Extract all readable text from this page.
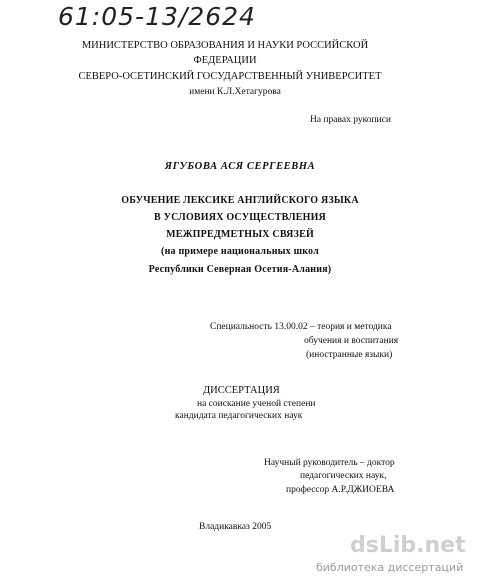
61:05-13/2624
МИНИСТЕРСТВО ОБРАЗОВАНИЯ И НАУКИ РОССИЙСКОЙ
ФЕДЕРАЦИИ
СЕВЕРО-ОСЕТИНСКИЙ ГОСУДАРСТВЕННЫЙ УНИВЕРСИТЕТ
имени К.Л.Хетагурова
На правах рукописи
ЯГУБОВА АСЯ СЕРГЕЕВНА
ОБУЧЕНИЕ ЛЕКСИКЕ АНГЛИЙСКОГО ЯЗЫКА
В УСЛОВИЯХ ОСУЩЕСТВЛЕНИЯ
МЕЖПРЕДМЕТНЫХ СВЯЗЕЙ
(на примере национальных школ
Республики Северная Осетия-Алания)
Специальность 13.00.02 – теория и методика
обучения и воспитания
(иностранные языки)
ДИССЕРТАЦИЯ
на соискание ученой степени
кандидата педагогических наук
Научный руководитель – доктор
педагогических наук,
профессор А.Р.ДЖИОЕВА
Владикавказ 2005
dsLib.net
библиотека диссертаций
